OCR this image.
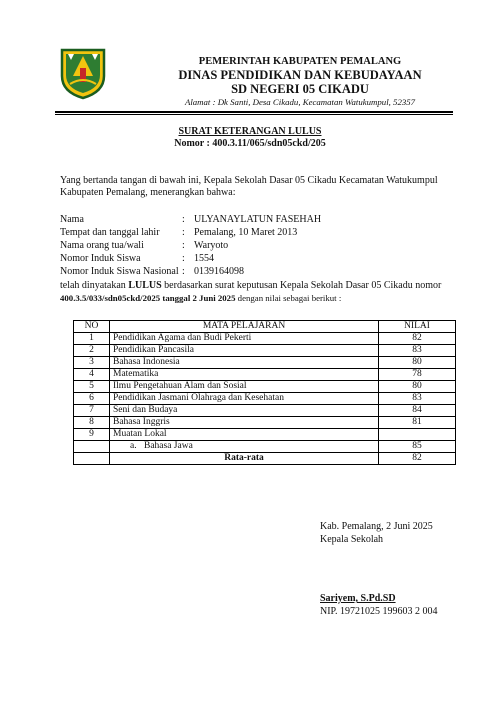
PEMERINTAH KABUPATEN PEMALANG
DINAS PENDIDIKAN DAN KEBUDAYAAN
SD NEGERI 05 CIKADU
Alamat : Dk Santi, Desa Cikadu, Kecamatan Watukumpul, 52357
SURAT KETERANGAN LULUS
Nomor : 400.3.11/065/sdn05ckd/205
Yang bertanda tangan di bawah ini, Kepala Sekolah Dasar 05 Cikadu Kecamatan Watukumpul Kabupaten Pemalang, menerangkan bahwa:
Nama	: ULYANAYLATUN FASEHAH
Tempat dan tanggal lahir	: Pemalang, 10 Maret 2013
Nama orang tua/wali	: Waryoto
Nomor Induk Siswa	: 1554
Nomor Induk Siswa Nasional : 0139164098
telah dinyatakan LULUS berdasarkan surat keputusan Kepala Sekolah Dasar 05 Cikadu nomor
400.3.5/033/sdn05ckd/2025 tanggal 2 Juni 2025 dengan nilai sebagai berikut :
NO	MATA PELAJARAN	NILAI
1	Pendidikan Agama dan Budi Pekerti	82
2	Pendidikan Pancasila	83
3	Bahasa Indonesia	80
4	Matematika	78
5	Ilmu Pengetahuan Alam dan Sosial	80
6	Pendidikan Jasmani Olahraga dan Kesehatan	83
7	Seni dan Budaya	84
8	Bahasa Inggris	81
9	Muatan Lokal	
	a. Bahasa Jawa	85
	Rata-rata	82
Kab. Pemalang, 2 Juni 2025
Kepala Sekolah
Sariyem, S.Pd.SD
NIP. 19721025 199603 2 004
